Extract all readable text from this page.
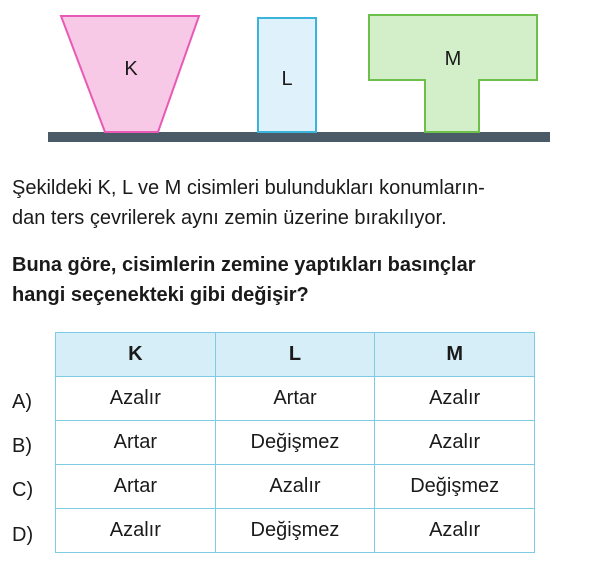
K	L
M

Şekildeki K, L ve M cisimleri bulundukları konumların-
dan ters çevrilerek aynı zemin üzerine bırakılıyor.

Buna göre, cisimlerin zemine yaptıkları basınçlar
hangi seçenekteki gibi değişir?

K	L	M
Azalır	Artar	Azalır
Artar	Değişmez	Azalır
Artar	Azalır	Değişmez
Azalır	Değişmez	Azalır
A)
B)
C)
D)
